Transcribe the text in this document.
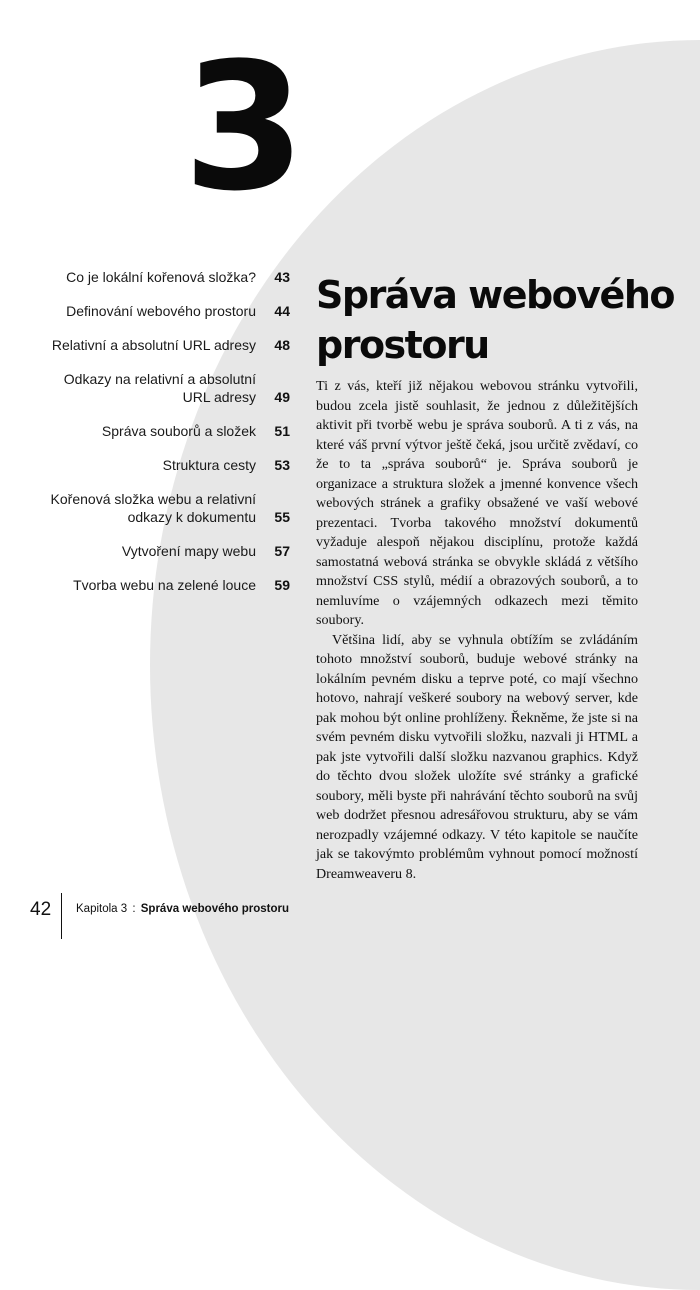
3
Co je lokální kořenová složka?	43
Definování webového prostoru	44
Relativní a absolutní URL adresy	48
Odkazy na relativní a absolutní
URL adresy	49
Správa souborů a složek	51
Struktura cesty	53
Kořenová složka webu a relativní
odkazy k dokumentu	55
Vytvoření mapy webu	57
Tvorba webu na zelené louce	59
Správa webového
prostoru

Ti z vás, kteří již nějakou webovou stránku vytvořili, budou zcela jistě souhlasit, že jednou z důležitějších aktivit při tvorbě webu je správa souborů. A ti z vás, na které váš první výtvor ještě čeká, jsou určitě zvědaví, co že to ta „správa souborů“ je. Správa souborů je organizace a struktura složek a jmenné konvence všech webových stránek a grafiky obsažené ve vaší webové prezentaci. Tvorba takového množství dokumentů vyžaduje alespoň nějakou disciplínu, protože každá samostatná webová stránka se obvykle skládá z většího množství CSS stylů, médií a obrazových souborů, a to nemluvíme o vzájemných odkazech mezi těmito soubory.

Většina lidí, aby se vyhnula obtížím se zvládáním tohoto množství souborů, buduje webové stránky na lokálním pevném disku a teprve poté, co mají všechno hotovo, nahrají veškeré soubory na webový server, kde pak mohou být online prohlíženy. Řekněme, že jste si na svém pevném disku vytvořili složku, nazvali ji HTML a pak jste vytvořili další složku nazvanou graphics. Když do těchto dvou složek uložíte své stránky a grafické soubory, měli byste při nahrávání těchto souborů na svůj web dodržet přesnou adresářovou strukturu, aby se vám nerozpadly vzájemné odkazy. V této kapitole se naučíte jak se takovýmto problémům vyhnout pomocí možností Dreamweaveru 8.

42 Kapitola 3 : Správa webového prostoru
